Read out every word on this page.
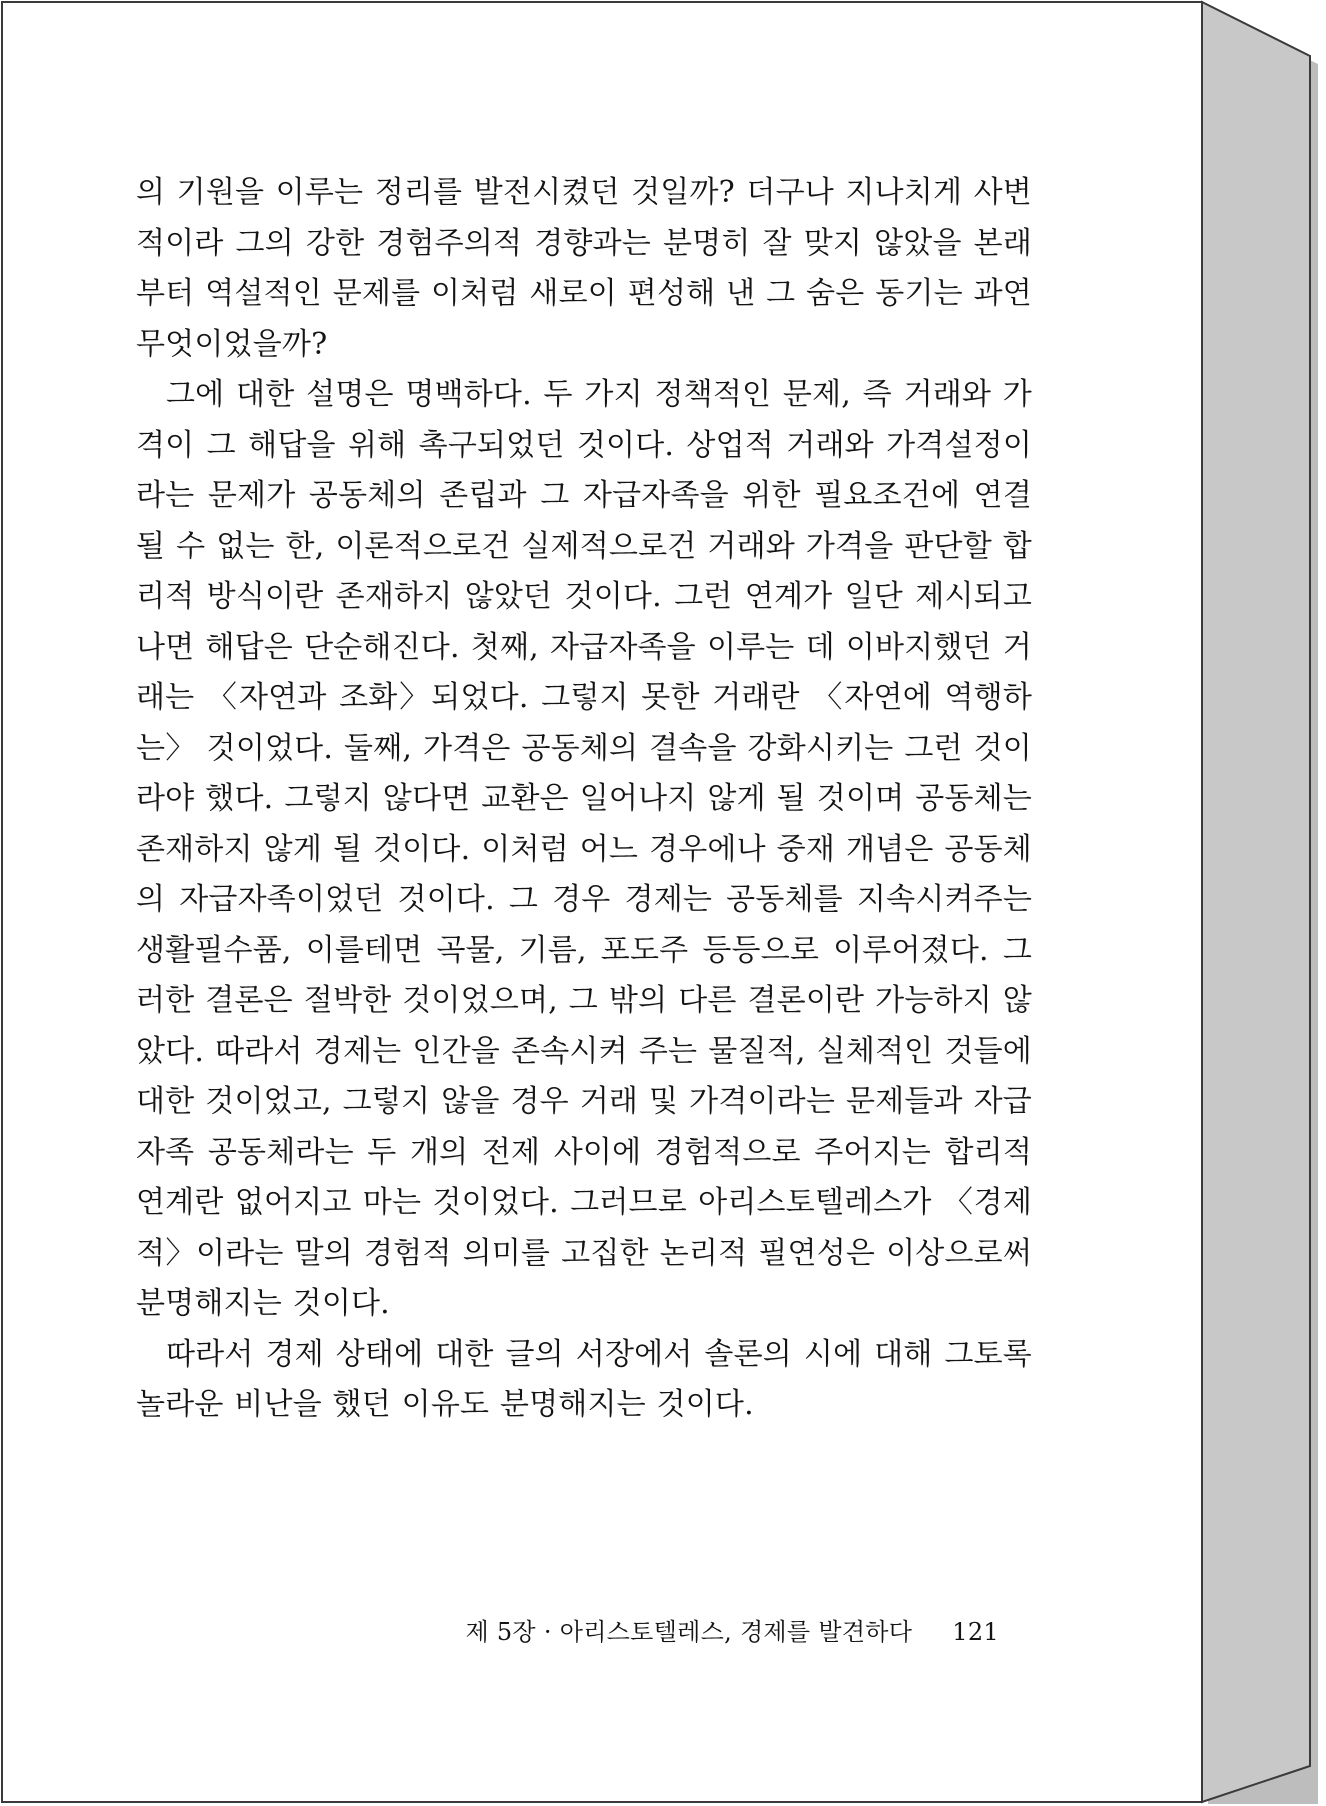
의 기원을 이루는 정리를 발전시켰던 것일까? 더구나 지나치게 사변적이라 그의 강한 경험주의적 경향과는 분명히 잘 맞지 않았을 본래부터 역설적인 문제를 이처럼 새로이 편성해 낸 그 숨은 동기는 과연 무엇이었을까?

그에 대한 설명은 명백하다. 두 가지 정책적인 문제, 즉 거래와 가격이 그 해답을 위해 촉구되었던 것이다. 상업적 거래와 가격설정이라는 문제가 공동체의 존립과 그 자급자족을 위한 필요조건에 연결될 수 없는 한, 이론적으로건 실제적으로건 거래와 가격을 판단할 합리적 방식이란 존재하지 않았던 것이다. 그런 연계가 일단 제시되고 나면 해답은 단순해진다. 첫째, 자급자족을 이루는 데 이바지했던 거래는 〈자연과 조화〉되었다. 그렇지 못한 거래란 〈자연에 역행하는〉 것이었다. 둘째, 가격은 공동체의 결속을 강화시키는 그런 것이라야 했다. 그렇지 않다면 교환은 일어나지 않게 될 것이며 공동체는 존재하지 않게 될 것이다. 이처럼 어느 경우에나 중재 개념은 공동체의 자급자족이었던 것이다. 그 경우 경제는 공동체를 지속시켜주는 생활필수품, 이를테면 곡물, 기름, 포도주 등등으로 이루어졌다. 그러한 결론은 절박한 것이었으며, 그 밖의 다른 결론이란 가능하지 않았다. 따라서 경제는 인간을 존속시켜 주는 물질적, 실체적인 것들에 대한 것이었고, 그렇지 않을 경우 거래 및 가격이라는 문제들과 자급자족 공동체라는 두 개의 전제 사이에 경험적으로 주어지는 합리적 연계란 없어지고 마는 것이었다. 그러므로 아리스토텔레스가 〈경제적〉이라는 말의 경험적 의미를 고집한 논리적 필연성은 이상으로써 분명해지는 것이다.

따라서 경제 상태에 대한 글의 서장에서 솔론의 시에 대해 그토록 놀라운 비난을 했던 이유도 분명해지는 것이다.

제 5장 · 아리스토텔레스, 경제를 발견하다 121
